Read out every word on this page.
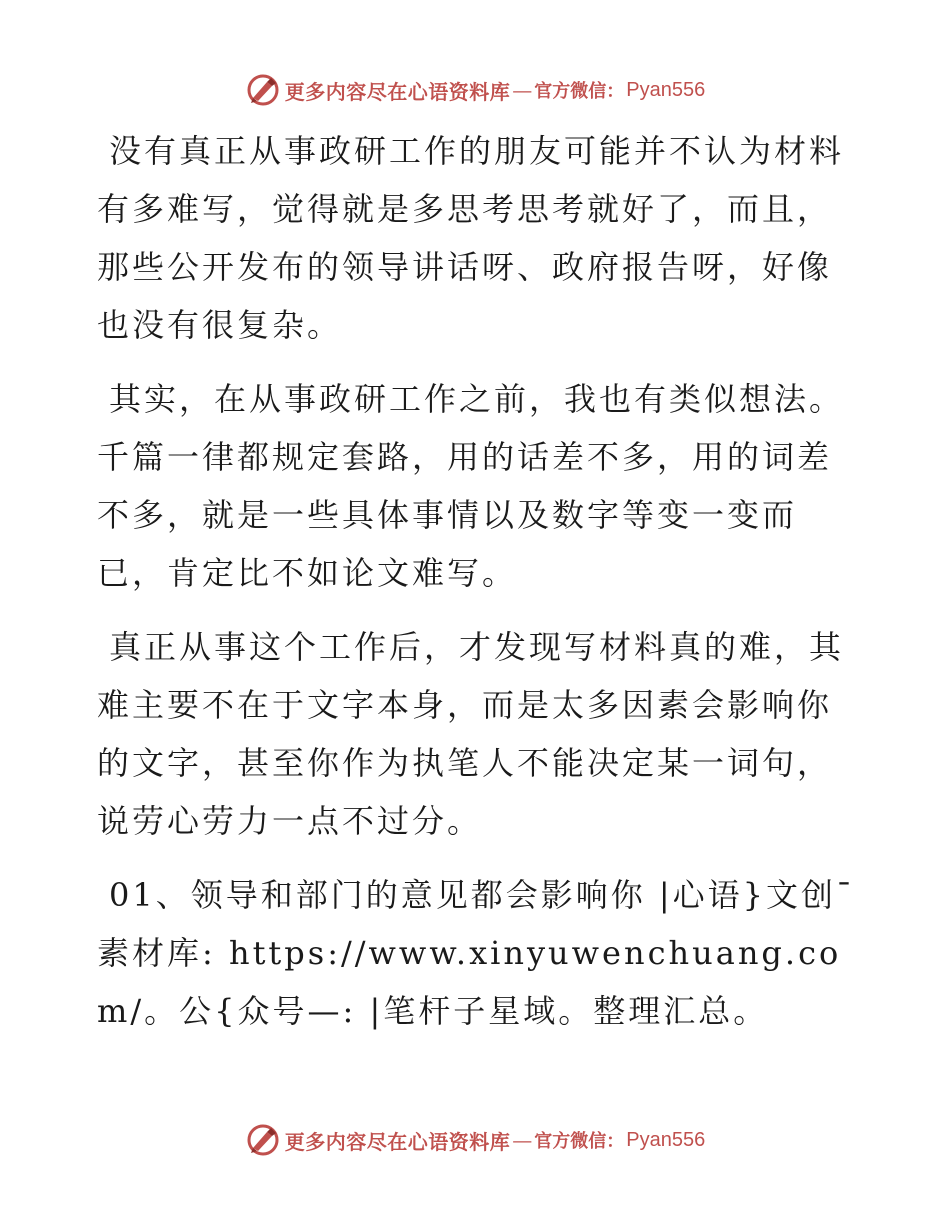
更多内容尽在心语资料库 — 官方微信： Pyan556

没有真正从事政研工作的朋友可能并不认为材料有多难写，觉得就是多思考思考就好了，而且，那些公开发布的领导讲话呀、政府报告呀，好像也没有很复杂。

其实，在从事政研工作之前，我也有类似想法。千篇一律都规定套路，用的话差不多，用的词差不多，就是一些具体事情以及数字等变一变而已，肯定比不如论文难写。

真正从事这个工作后，才发现写材料真的难，其难主要不在于文字本身，而是太多因素会影响你的文字，甚至你作为执笔人不能决定某一词句，说劳心劳力一点不过分。

01、领导和部门的意见都会影响你 |心语}文创¯素材库: https://www.xinyuwenchuang.com/。公{众号—: |笔杆子星域。整理汇总。

更多内容尽在心语资料库 — 官方微信： Pyan556
